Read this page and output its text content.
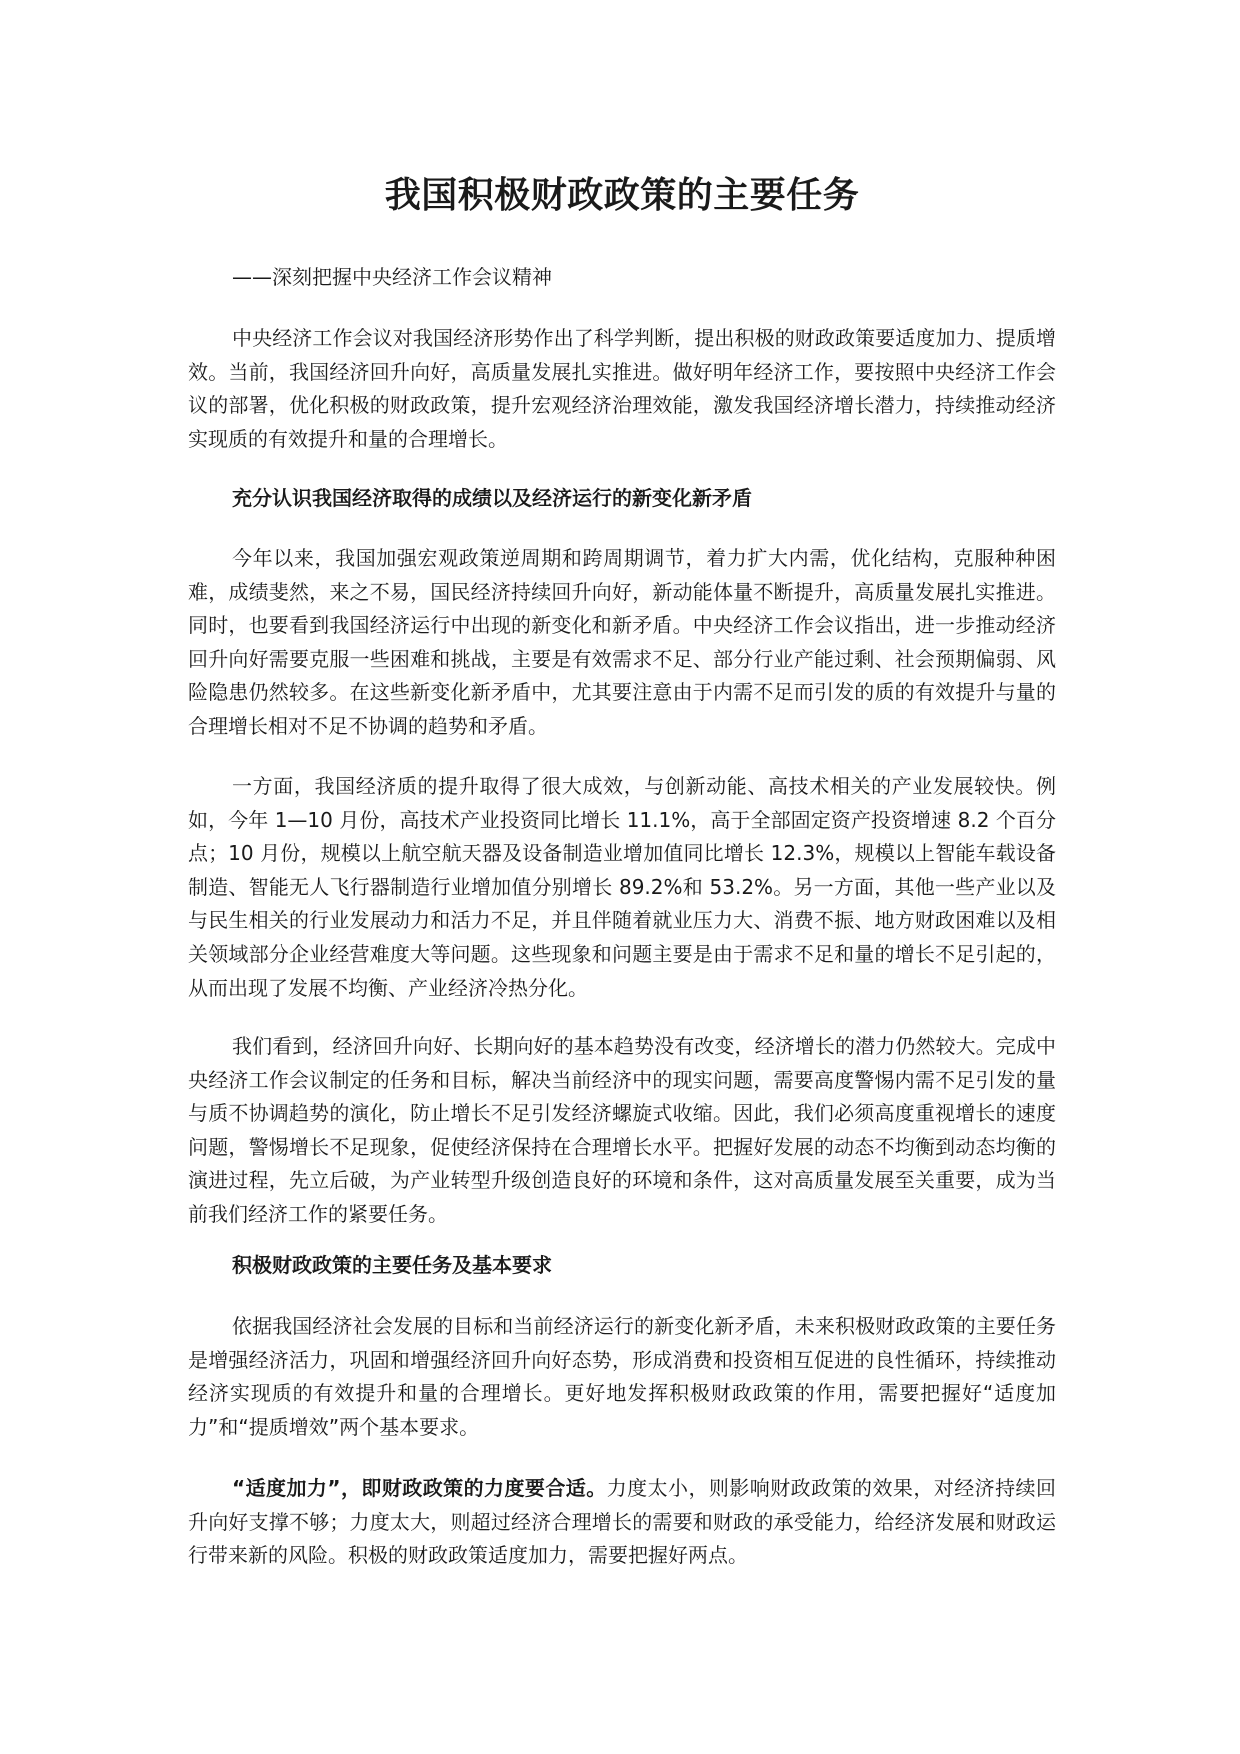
我国积极财政政策的主要任务

——深刻把握中央经济工作会议精神

中央经济工作会议对我国经济形势作出了科学判断，提出积极的财政政策要适度加力、提质增效。当前，我国经济回升向好，高质量发展扎实推进。做好明年经济工作，要按照中央经济工作会议的部署，优化积极的财政政策，提升宏观经济治理效能，激发我国经济增长潜力，持续推动经济实现质的有效提升和量的合理增长。

充分认识我国经济取得的成绩以及经济运行的新变化新矛盾

今年以来，我国加强宏观政策逆周期和跨周期调节，着力扩大内需，优化结构，克服种种困难，成绩斐然，来之不易，国民经济持续回升向好，新动能体量不断提升，高质量发展扎实推进。同时，也要看到我国经济运行中出现的新变化和新矛盾。中央经济工作会议指出，进一步推动经济回升向好需要克服一些困难和挑战，主要是有效需求不足、部分行业产能过剩、社会预期偏弱、风险隐患仍然较多。在这些新变化新矛盾中，尤其要注意由于内需不足而引发的质的有效提升与量的合理增长相对不足不协调的趋势和矛盾。

一方面，我国经济质的提升取得了很大成效，与创新动能、高技术相关的产业发展较快。例如，今年 1—10 月份，高技术产业投资同比增长 11.1%，高于全部固定资产投资增速 8.2 个百分点；10 月份，规模以上航空航天器及设备制造业增加值同比增长 12.3%，规模以上智能车载设备制造、智能无人飞行器制造行业增加值分别增长 89.2%和 53.2%。另一方面，其他一些产业以及与民生相关的行业发展动力和活力不足，并且伴随着就业压力大、消费不振、地方财政困难以及相关领域部分企业经营难度大等问题。这些现象和问题主要是由于需求不足和量的增长不足引起的，从而出现了发展不均衡、产业经济冷热分化。

我们看到，经济回升向好、长期向好的基本趋势没有改变，经济增长的潜力仍然较大。完成中央经济工作会议制定的任务和目标，解决当前经济中的现实问题，需要高度警惕内需不足引发的量与质不协调趋势的演化，防止增长不足引发经济螺旋式收缩。因此，我们必须高度重视增长的速度问题，警惕增长不足现象，促使经济保持在合理增长水平。把握好发展的动态不均衡到动态均衡的演进过程，先立后破，为产业转型升级创造良好的环境和条件，这对高质量发展至关重要，成为当前我们经济工作的紧要任务。

积极财政政策的主要任务及基本要求

依据我国经济社会发展的目标和当前经济运行的新变化新矛盾，未来积极财政政策的主要任务是增强经济活力，巩固和增强经济回升向好态势，形成消费和投资相互促进的良性循环，持续推动经济实现质的有效提升和量的合理增长。更好地发挥积极财政政策的作用，需要把握好“适度加力”和“提质增效”两个基本要求。

“适度加力”，即财政政策的力度要合适。力度太小，则影响财政政策的效果，对经济持续回升向好支撑不够；力度太大，则超过经济合理增长的需要和财政的承受能力，给经济发展和财政运行带来新的风险。积极的财政政策适度加力，需要把握好两点。
